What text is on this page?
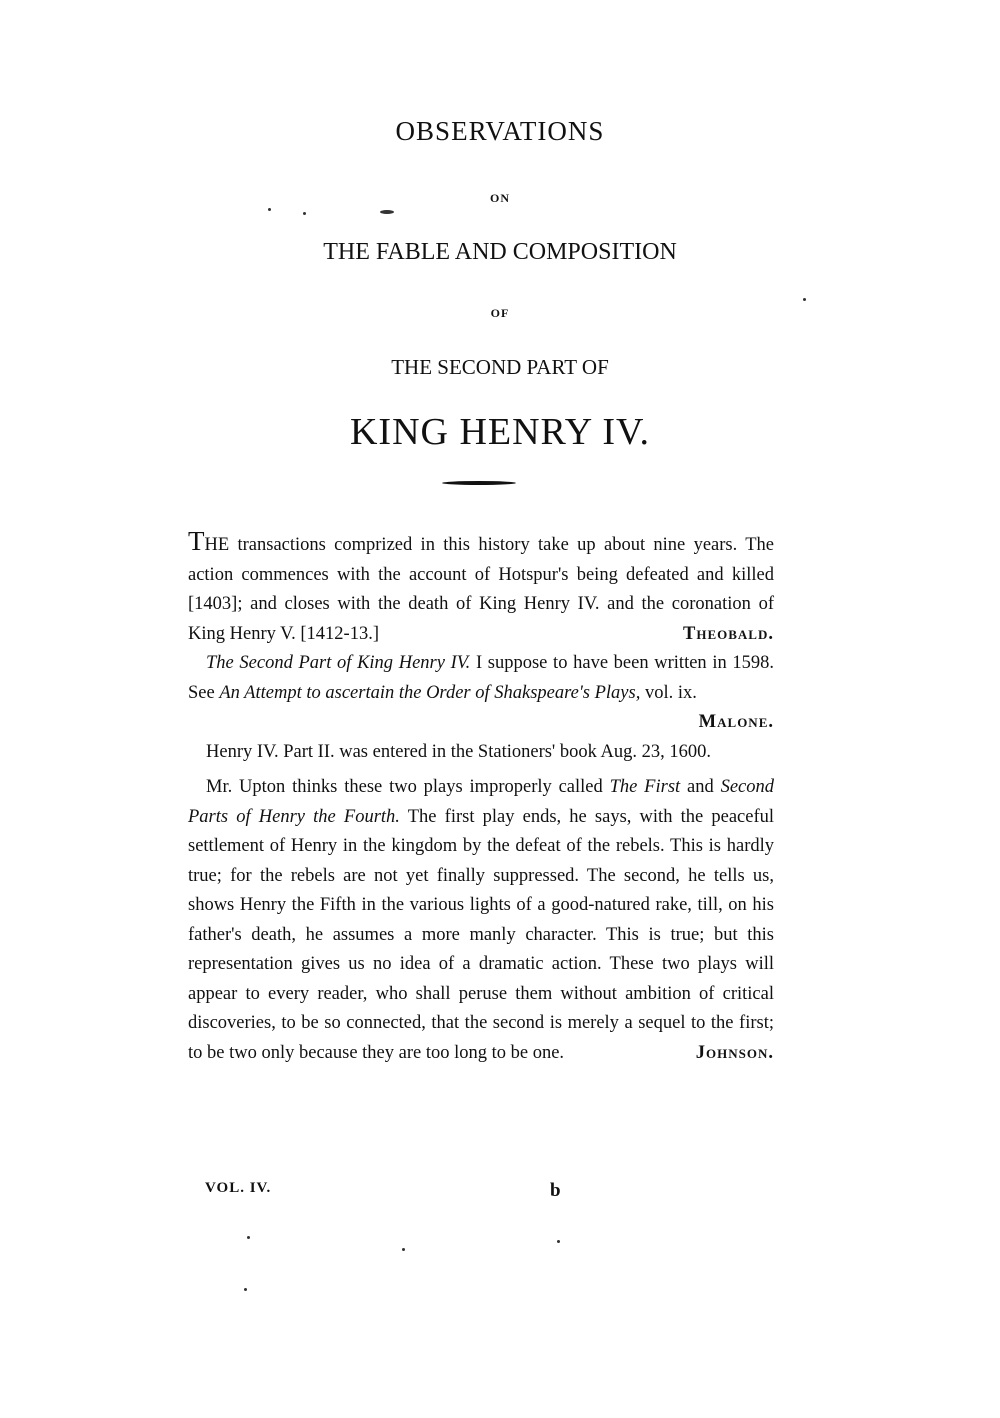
OBSERVATIONS
ON
THE FABLE AND COMPOSITION
OF
THE SECOND PART OF
KING HENRY IV.

THE transactions comprized in this history take up about nine years. The action commences with the account of Hotspur's being defeated and killed [1403]; and closes with the death of King Henry IV. and the coronation of King Henry V. [1412-13.]	Theobald.

The Second Part of King Henry IV. I suppose to have been written in 1598. See An Attempt to ascertain the Order of Shakspeare's Plays, vol. ix.
Malone.

Henry IV. Part II. was entered in the Stationers' book Aug. 23, 1600.

Mr. Upton thinks these two plays improperly called The First and Second Parts of Henry the Fourth. The first play ends, he says, with the peaceful settlement of Henry in the kingdom by the defeat of the rebels. This is hardly true; for the rebels are not yet finally suppressed. The second, he tells us, shows Henry the Fifth in the various lights of a good-natured rake, till, on his father's death, he assumes a more manly character. This is true; but this representation gives us no idea of a dramatic action. These two plays will appear to every reader, who shall peruse them without ambition of critical discoveries, to be so connected, that the second is merely a sequel to the first; to be two only because they are too long to be one.	Johnson.

VOL. IV.	b
